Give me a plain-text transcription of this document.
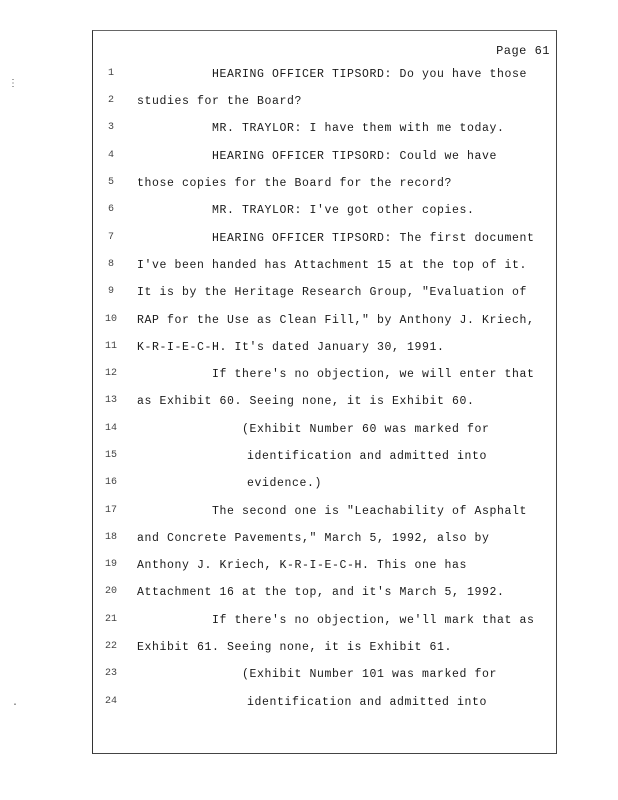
Page 61
1	HEARING OFFICER TIPSORD: Do you have those
2	studies for the Board?
3	MR. TRAYLOR: I have them with me today.
4	HEARING OFFICER TIPSORD: Could we have
5	those copies for the Board for the record?
6	MR. TRAYLOR: I've got other copies.
7	HEARING OFFICER TIPSORD: The first document
8	I've been handed has Attachment 15 at the top of it.
9	It is by the Heritage Research Group, "Evaluation of
10	RAP for the Use as Clean Fill," by Anthony J. Kriech,
11	K-R-I-E-C-H. It's dated January 30, 1991.
12	If there's no objection, we will enter that
13	as Exhibit 60. Seeing none, it is Exhibit 60.
14	(Exhibit Number 60 was marked for
15	identification and admitted into
16	evidence.)
17	The second one is "Leachability of Asphalt
18	and Concrete Pavements," March 5, 1992, also by
19	Anthony J. Kriech, K-R-I-E-C-H. This one has
20	Attachment 16 at the top, and it's March 5, 1992.
21	If there's no objection, we'll mark that as
22	Exhibit 61. Seeing none, it is Exhibit 61.
23	(Exhibit Number 101 was marked for
24	identification and admitted into
⋮
·
